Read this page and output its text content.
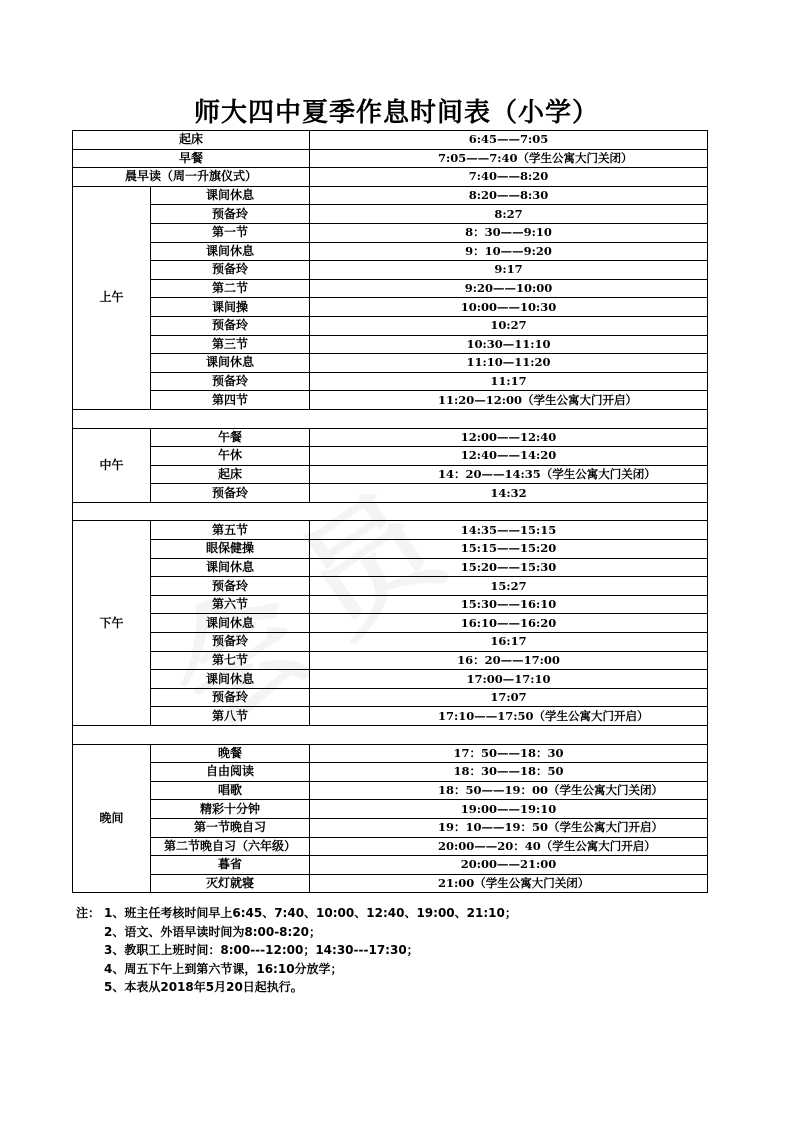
师大四中夏季作息时间表（小学）
起床		6:45——7:05
早餐		7:05——7:40（学生公寓大门关闭）
晨早读（周一升旗仪式）		7:40——8:20
上午	课间休息	8:20——8:30
	预备玲	8:27
	第一节	8：30——9:10
	课间休息	9：10——9:20
	预备玲	9:17
	第二节	9:20——10:00
	课间操	10:00——10:30
	预备玲	10:27
	第三节	10:30—11:10
	课间休息	11:10—11:20
	预备玲	11:17
	第四节	11:20—12:00（学生公寓大门开启）

中午	午餐	12:00——12:40
	午休	12:40——14:20
	起床	14：20——14:35（学生公寓大门关闭）
	预备玲	14:32

下午	第五节	14:35——15:15
	眼保健操	15:15——15:20
	课间休息	15:20——15:30
	预备玲	15:27
	第六节	15:30——16:10
	课间休息	16:10——16:20
	预备玲	16:17
	第七节	16：20——17:00
	课间休息	17:00—17:10
	预备玲	17:07
	第八节	17:10——17:50（学生公寓大门开启）

晚间	晚餐	17：50——18：30
	自由阅读	18：30——18：50
	唱歌	18：50——19：00（学生公寓大门关闭）
	精彩十分钟	19:00——19:10
	第一节晚自习	19：10——19：50（学生公寓大门开启）
	第二节晚自习（六年级）	20:00——20：40（学生公寓大门开启）
	暮省	20:00——21:00
	灭灯就寝	21:00（学生公寓大门关闭）
注： 1、班主任考核时间早上6:45、7:40、10:00、12:40、19:00、21:10；
2、语文、外语早读时间为8:00-8:20；
3、教职工上班时间：8:00---12:00；14:30---17:30；
4、周五下午上到第六节课，16:10分放学；
5、本表从2018年5月20日起执行。
